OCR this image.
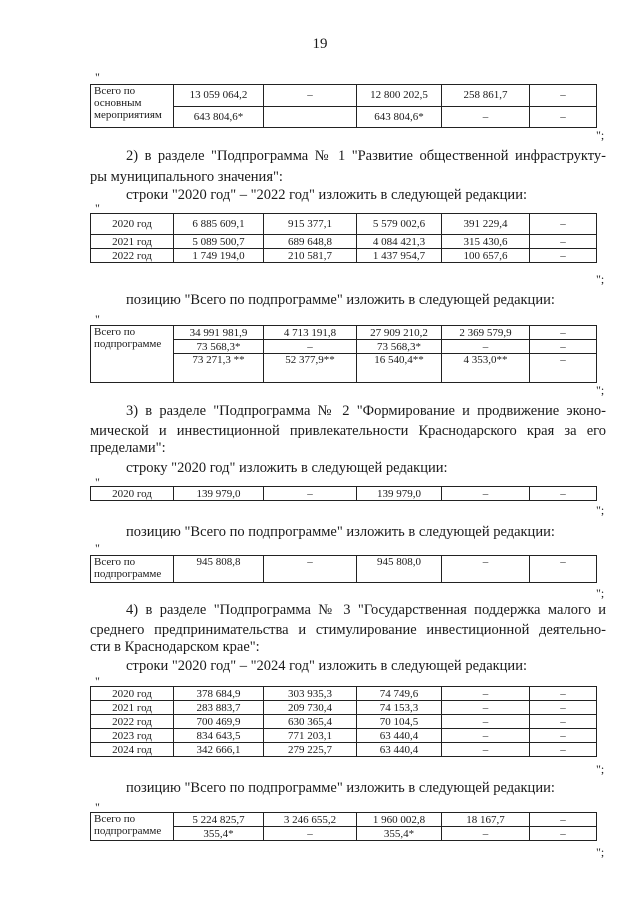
19
"
Всего по основным мероприятиям	13 059 064,2	–	12 800 202,5	258 861,7	–
	643 804,6*		643 804,6*	–	–
";
2) в разделе "Подпрограмма № 1 "Развитие общественной инфраструкту-
ры муниципального значения":
строки "2020 год" – "2022 год" изложить в следующей редакции:
"
2020 год	6 885 609,1	915 377,1	5 579 002,6	391 229,4	–
2021 год	5 089 500,7	689 648,8	4 084 421,3	315 430,6	–
2022 год	1 749 194,0	210 581,7	1 437 954,7	100 657,6	–
";
позицию "Всего по подпрограмме" изложить в следующей редакции:
"
Всего по подпрограмме	34 991 981,9	4 713 191,8	27 909 210,2	2 369 579,9	–
	73 568,3*	–	73 568,3*	–	–
	73 271,3 **	52 377,9**	16 540,4**	4 353,0**	–
";
3) в разделе "Подпрограмма № 2 "Формирование и продвижение эконо-
мической и инвестиционной привлекательности Краснодарского края за его
пределами":
строку "2020 год" изложить в следующей редакции:
"
2020 год	139 979,0	–	139 979,0	–	–
";
позицию "Всего по подпрограмме" изложить в следующей редакции:
"
Всего по подпрограмме	945 808,8	–	945 808,0	–	–
";
4) в разделе "Подпрограмма № 3 "Государственная поддержка малого и
среднего предпринимательства и стимулирование инвестиционной деятельно-
сти в Краснодарском крае":
строки "2020 год" – "2024 год" изложить в следующей редакции:
"
2020 год	378 684,9	303 935,3	74 749,6	–	–
2021 год	283 883,7	209 730,4	74 153,3	–	–
2022 год	700 469,9	630 365,4	70 104,5	–	–
2023 год	834 643,5	771 203,1	63 440,4	–	–
2024 год	342 666,1	279 225,7	63 440,4	–	–
";
позицию "Всего по подпрограмме" изложить в следующей редакции:
"
Всего по подпрограмме	5 224 825,7	3 246 655,2	1 960 002,8	18 167,7	–
	355,4*	–	355,4*	–	–
";
